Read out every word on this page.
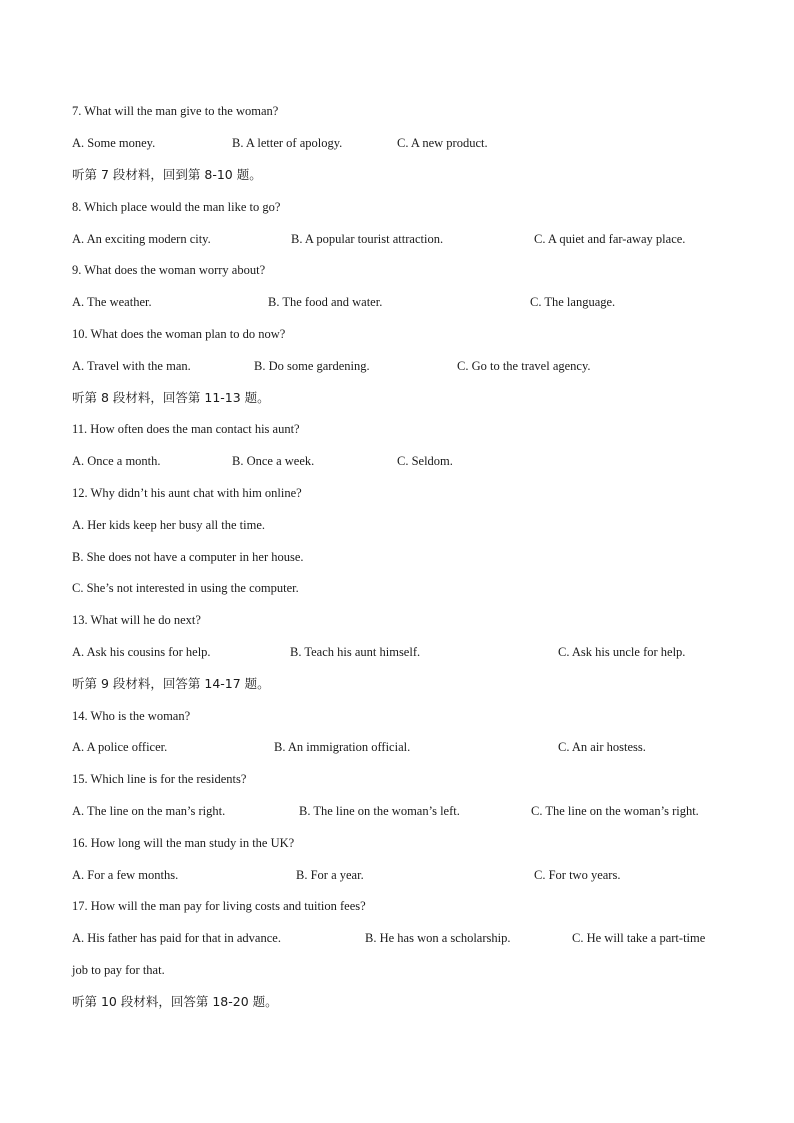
7. What will the man give to the woman?
A. Some money.	B. A letter of apology.	C. A new product.
听第 7 段材料，回到第 8-10 题。
8. Which place would the man like to go?
A. An exciting modern city.	B. A popular tourist attraction.	C. A quiet and far-away place.
9. What does the woman worry about?
A. The weather.	B. The food and water.	C. The language.
10. What does the woman plan to do now?
A. Travel with the man.	B. Do some gardening.	C. Go to the travel agency.
听第 8 段材料，回答第 11-13 题。
11. How often does the man contact his aunt?
A. Once a month.	B. Once a week.	C. Seldom.
12. Why didn’t his aunt chat with him online?
A. Her kids keep her busy all the time.
B. She does not have a computer in her house.
C. She’s not interested in using the computer.
13. What will he do next?
A. Ask his cousins for help.	B. Teach his aunt himself.	C. Ask his uncle for help.
听第 9 段材料，回答第 14-17 题。
14. Who is the woman?
A. A police officer.	B. An immigration official.	C. An air hostess.
15. Which line is for the residents?
A. The line on the man’s right.	B. The line on the woman’s left.	C. The line on the woman’s right.
16. How long will the man study in the UK?
A. For a few months.	B. For a year.	C. For two years.
17. How will the man pay for living costs and tuition fees?
A. His father has paid for that in advance.	B. He has won a scholarship.	C. He will take a part-time
job to pay for that.
听第 10 段材料，回答第 18-20 题。
